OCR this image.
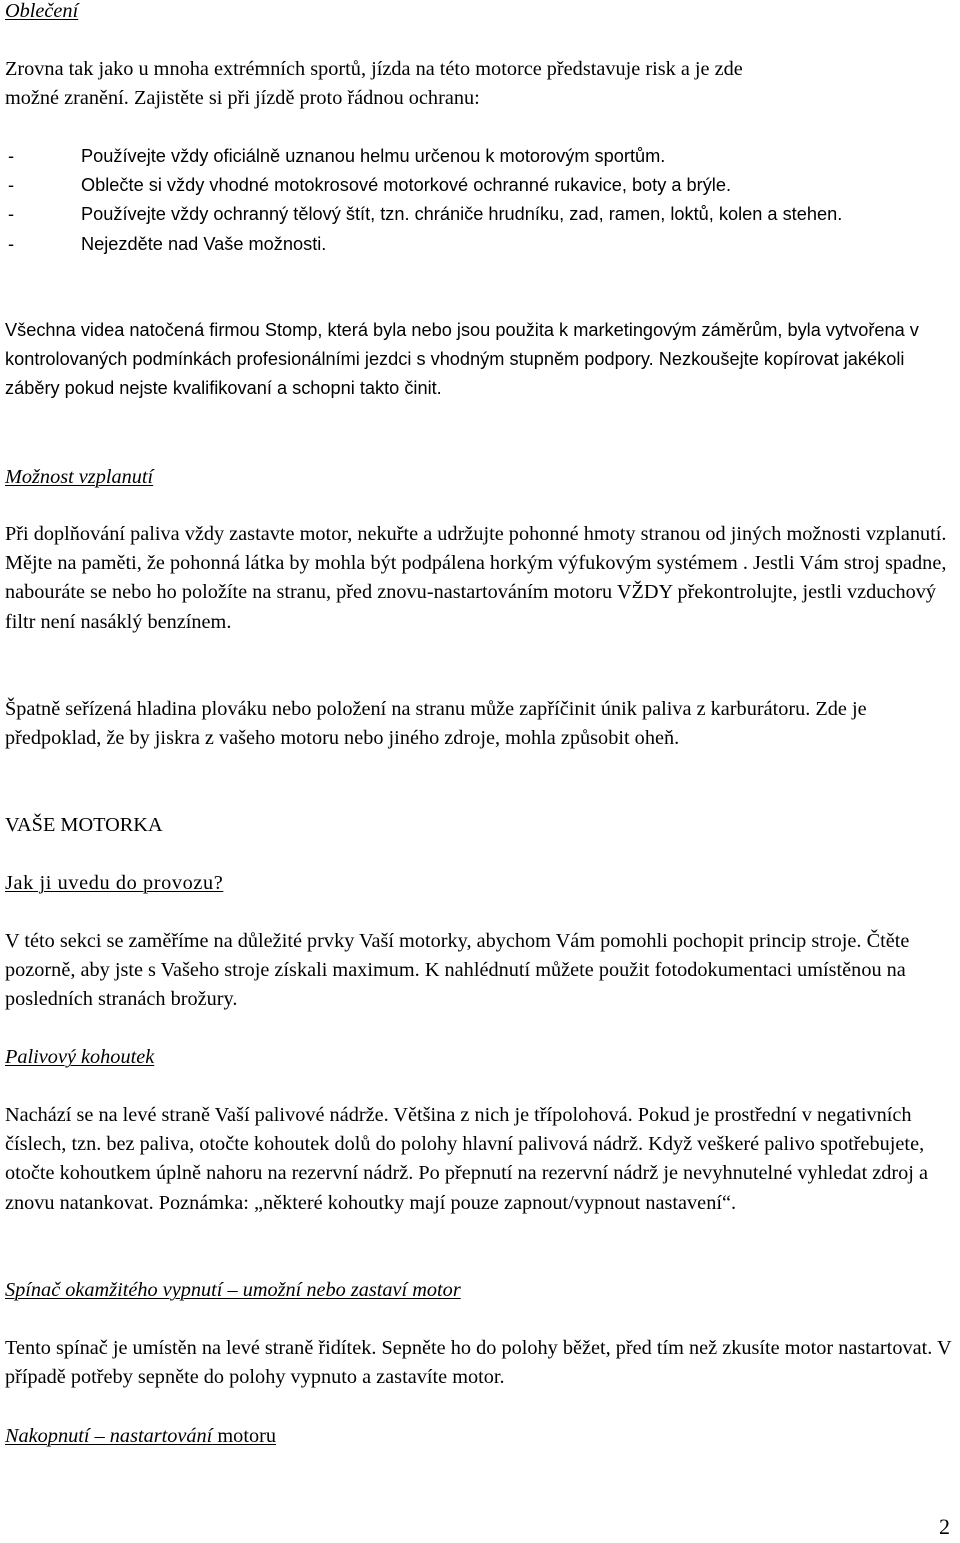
Oblečení
Zrovna tak jako u mnoha extrémních sportů, jízda na této motorce představuje risk a je zde
možné zranění. Zajistěte si při jízdě proto řádnou ochranu:
-	Používejte vždy oficiálně uznanou helmu určenou k motorovým sportům.
-	Oblečte si vždy vhodné motokrosové motorkové ochranné rukavice, boty a brýle.
-	Používejte vždy ochranný tělový štít, tzn. chrániče hrudníku, zad, ramen, loktů, kolen a stehen.
-	Nejezděte nad Vaše možnosti.

Všechna videa natočená firmou Stomp, která byla nebo jsou použita k marketingovým záměrům, byla vytvořena v kontrolovaných podmínkách profesionálními jezdci s vhodným stupněm podpory. Nezkoušejte kopírovat jakékoli záběry pokud nejste kvalifikovaní a schopni takto činit.

Možnost vzplanutí

Při doplňování paliva vždy zastavte motor, nekuřte a udržujte pohonné hmoty stranou od jiných možnosti vzplanutí. Mějte na paměti, že pohonná látka by mohla být podpálena horkým výfukovým systémem . Jestli Vám stroj spadne, nabouráte se nebo ho položíte na stranu, před znovu-nastartováním motoru VŽDY překontrolujte, jestli vzduchový filtr není nasáklý benzínem.

Špatně seřízená hladina plováku nebo položení na stranu může zapříčinit únik paliva z karburátoru. Zde je předpoklad, že by jiskra z vašeho motoru nebo jiného zdroje, mohla způsobit oheň.

VAŠE MOTORKA
Jak ji uvedu do provozu?

V této sekci se zaměříme na důležité prvky Vaší motorky, abychom Vám pomohli pochopit princip stroje. Čtěte pozorně, aby jste s Vašeho stroje získali maximum. K nahlédnutí můžete použit fotodokumentaci umístěnou na posledních stranách brožury.

Palivový kohoutek

Nachází se na levé straně Vaší palivové nádrže. Většina z nich je třípolohová. Pokud je prostřední v negativních číslech, tzn. bez paliva, otočte kohoutek dolů do polohy hlavní palivová nádrž. Když veškeré palivo spotřebujete, otočte kohoutkem úplně nahoru na rezervní nádrž. Po přepnutí na rezervní nádrž je nevyhnutelné vyhledat zdroj a znovu natankovat. Poznámka: „některé kohoutky mají pouze zapnout/vypnout nastavení“.

Spínač okamžitého vypnutí – umožní nebo zastaví motor

Tento spínač je umístěn na levé straně řidítek. Sepněte ho do polohy běžet, před tím než zkusíte motor nastartovat. V případě potřeby sepněte do polohy vypnuto a zastavíte motor.

Nakopnutí – nastartování motoru
2
